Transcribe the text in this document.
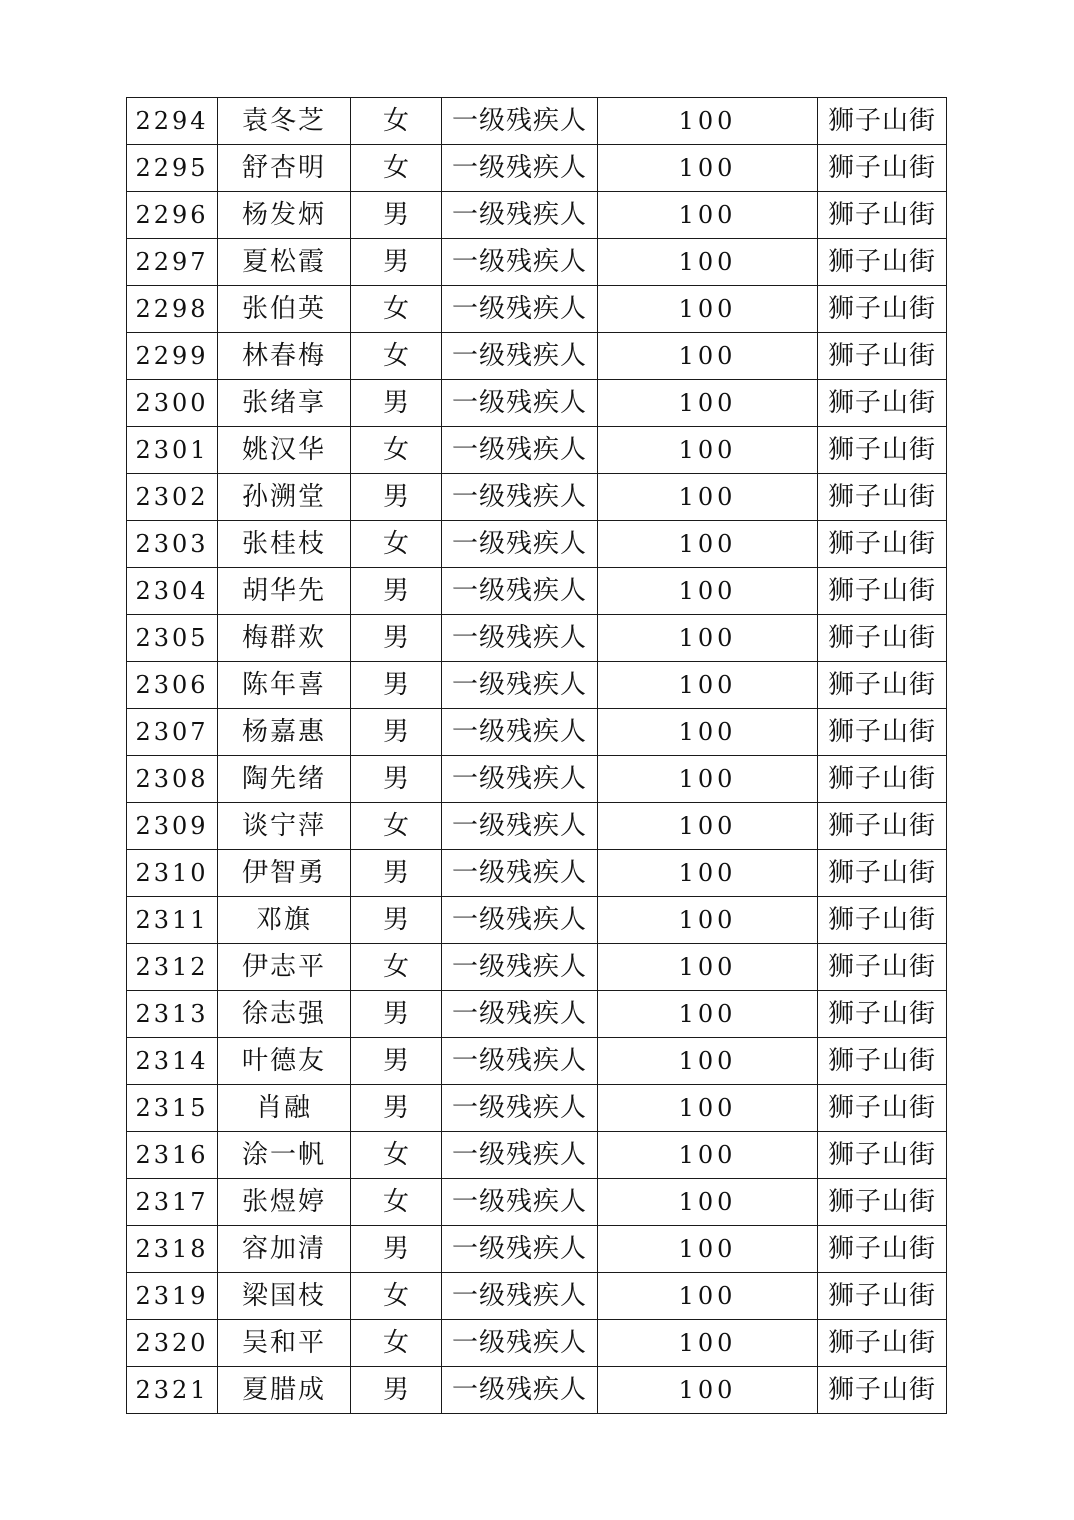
2294	袁冬芝	女	一级残疾人	100	狮子山街
2295	舒杏明	女	一级残疾人	100	狮子山街
2296	杨发炳	男	一级残疾人	100	狮子山街
2297	夏松霞	男	一级残疾人	100	狮子山街
2298	张伯英	女	一级残疾人	100	狮子山街
2299	林春梅	女	一级残疾人	100	狮子山街
2300	张绪享	男	一级残疾人	100	狮子山街
2301	姚汉华	女	一级残疾人	100	狮子山街
2302	孙溯堂	男	一级残疾人	100	狮子山街
2303	张桂枝	女	一级残疾人	100	狮子山街
2304	胡华先	男	一级残疾人	100	狮子山街
2305	梅群欢	男	一级残疾人	100	狮子山街
2306	陈年喜	男	一级残疾人	100	狮子山街
2307	杨嘉惠	男	一级残疾人	100	狮子山街
2308	陶先绪	男	一级残疾人	100	狮子山街
2309	谈宁萍	女	一级残疾人	100	狮子山街
2310	伊智勇	男	一级残疾人	100	狮子山街
2311	邓旗	男	一级残疾人	100	狮子山街
2312	伊志平	女	一级残疾人	100	狮子山街
2313	徐志强	男	一级残疾人	100	狮子山街
2314	叶德友	男	一级残疾人	100	狮子山街
2315	肖融	男	一级残疾人	100	狮子山街
2316	涂一帆	女	一级残疾人	100	狮子山街
2317	张煜婷	女	一级残疾人	100	狮子山街
2318	容加清	男	一级残疾人	100	狮子山街
2319	梁国枝	女	一级残疾人	100	狮子山街
2320	吴和平	女	一级残疾人	100	狮子山街
2321	夏腊成	男	一级残疾人	100	狮子山街
